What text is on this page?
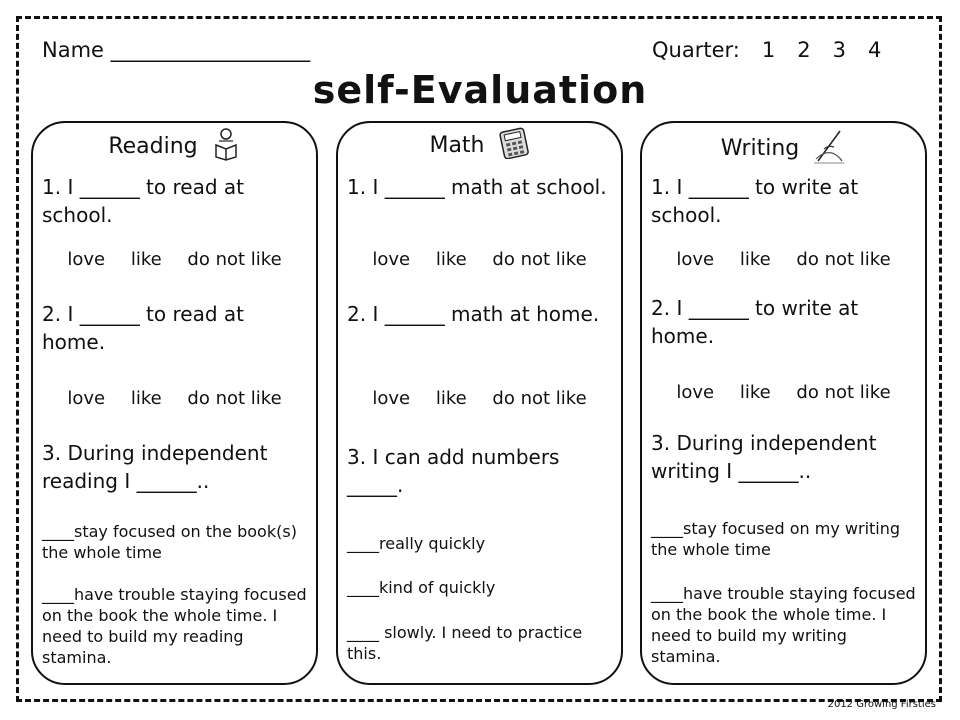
Name ___________________	Quarter: 1 2 3 4
self-Evaluation
Reading
1. I ______ to read at school.
love like do not like
2. I ______ to read at home.
love like do not like
3. During independent reading I ______..
____stay focused on the book(s) the whole time
____have trouble staying focused on the book the whole time. I need to build my reading stamina.
Math
1. I ______ math at school.
love like do not like
2. I ______ math at home.
love like do not like
3. I can add numbers _____.
____really quickly
____kind of quickly
____ slowly. I need to practice this.
Writing
1. I ______ to write at school.
love like do not like
2. I ______ to write at home.
love like do not like
3. During independent writing I ______..
____stay focused on my writing the whole time
____have trouble staying focused on the book the whole time. I need to build my writing stamina.
2012 Growing Firsties
